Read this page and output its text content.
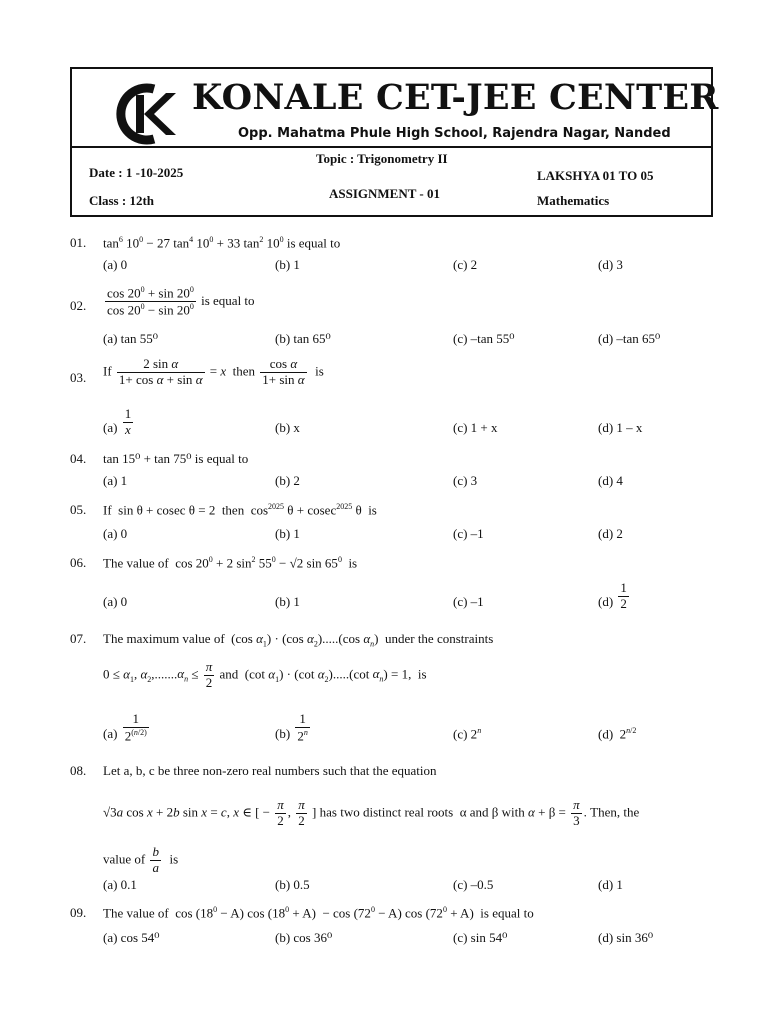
KONALE CET-JEE CENTER
Opp. Mahatma Phule High School, Rajendra Nagar, Nanded
Topic : Trigonometry II
Date : 1 -10-2025
Class : 12th	ASSIGNMENT - 01
LAKSHYA 01 TO 05
Mathematics
01. $\tan^6 10^0 - 27$ $\tan^4 10^0 + 33$ $\tan^2 10^0$ is equal to
(a) 0	(b) 1	(c) 2	(d) 3
02. $\frac{\cos 20^0 + \sin 20^0}{\cos 20^0 - \sin 20^0}$ is equal to
(a) tan 55⁰	(b) tan 65⁰	(c) –tan 55⁰	(d) –tan 65⁰
03. If $\frac{\text{2 sin α}}{\text{1+ cos α + sin α}} = x$  then $\frac{\text{cos α}}{\text{1+ sin α}}$ is
$(a) \frac{1}{x}$	(b) x	(c) 1 + x	(d) 1 – x
04. tan 15⁰ + tan 75⁰ is equal to
(a) 1	(b) 2	(c) 3	(d) 4
05. If  sin θ + cosec θ = 2  then  $\cos^{2025} \theta + cosec^{2025}$ θ  is
(a) 0	(b) 1	(c) –1	(d) 2
06. The value of  $\cos 20^0 + 2$ $\sin^2 55^0 - √2$ $\sin 65^0$  is
(a) 0	(b) 1	(c) –1	$(d) \frac{1}{2}$
07. The maximum value of  (cos $\alpha_1) \cdot (\cos$ $\alpha_2).....(\cos$ $\alpha_n$)  under the constraints
$0 \le \alpha_1$, $\alpha_2,.......\alpha_n \le \frac{\pi}{2}$ and  (cot $\alpha_1) \cdot (\cot$ $\alpha_2).....(\cot$ $\alpha_n) = 1$,  is
$(a) \frac{1}{2^{(n/2)}}$	$(b) \frac{1}{2^n}$	(c) 2$^n$	(d)  $2^{n/2}$
08. Let a, b, c be three non-zero real numbers such that the equation
√3a cos x + 2b sin x = c, x ∈ [ − $\frac{\pi}{2}$ , $\frac{\pi}{2}$ ] has two distinct real roots  α and β with $\alpha + \beta = \frac{\pi}{3}$ . Then, the
value of $\frac{b}{a}$ is
(a) 0.1	(b) 0.5	(c) –0.5	(d) 1
09. The value of  $\cos (18^0 - A)$ $\cos (18^0 + A) - \cos (72^0 - A)$ $\cos (72^0 + A)$  is equal to
(a) cos 54⁰	(b) cos 36⁰	(c) sin 54⁰	(d) sin 36⁰
